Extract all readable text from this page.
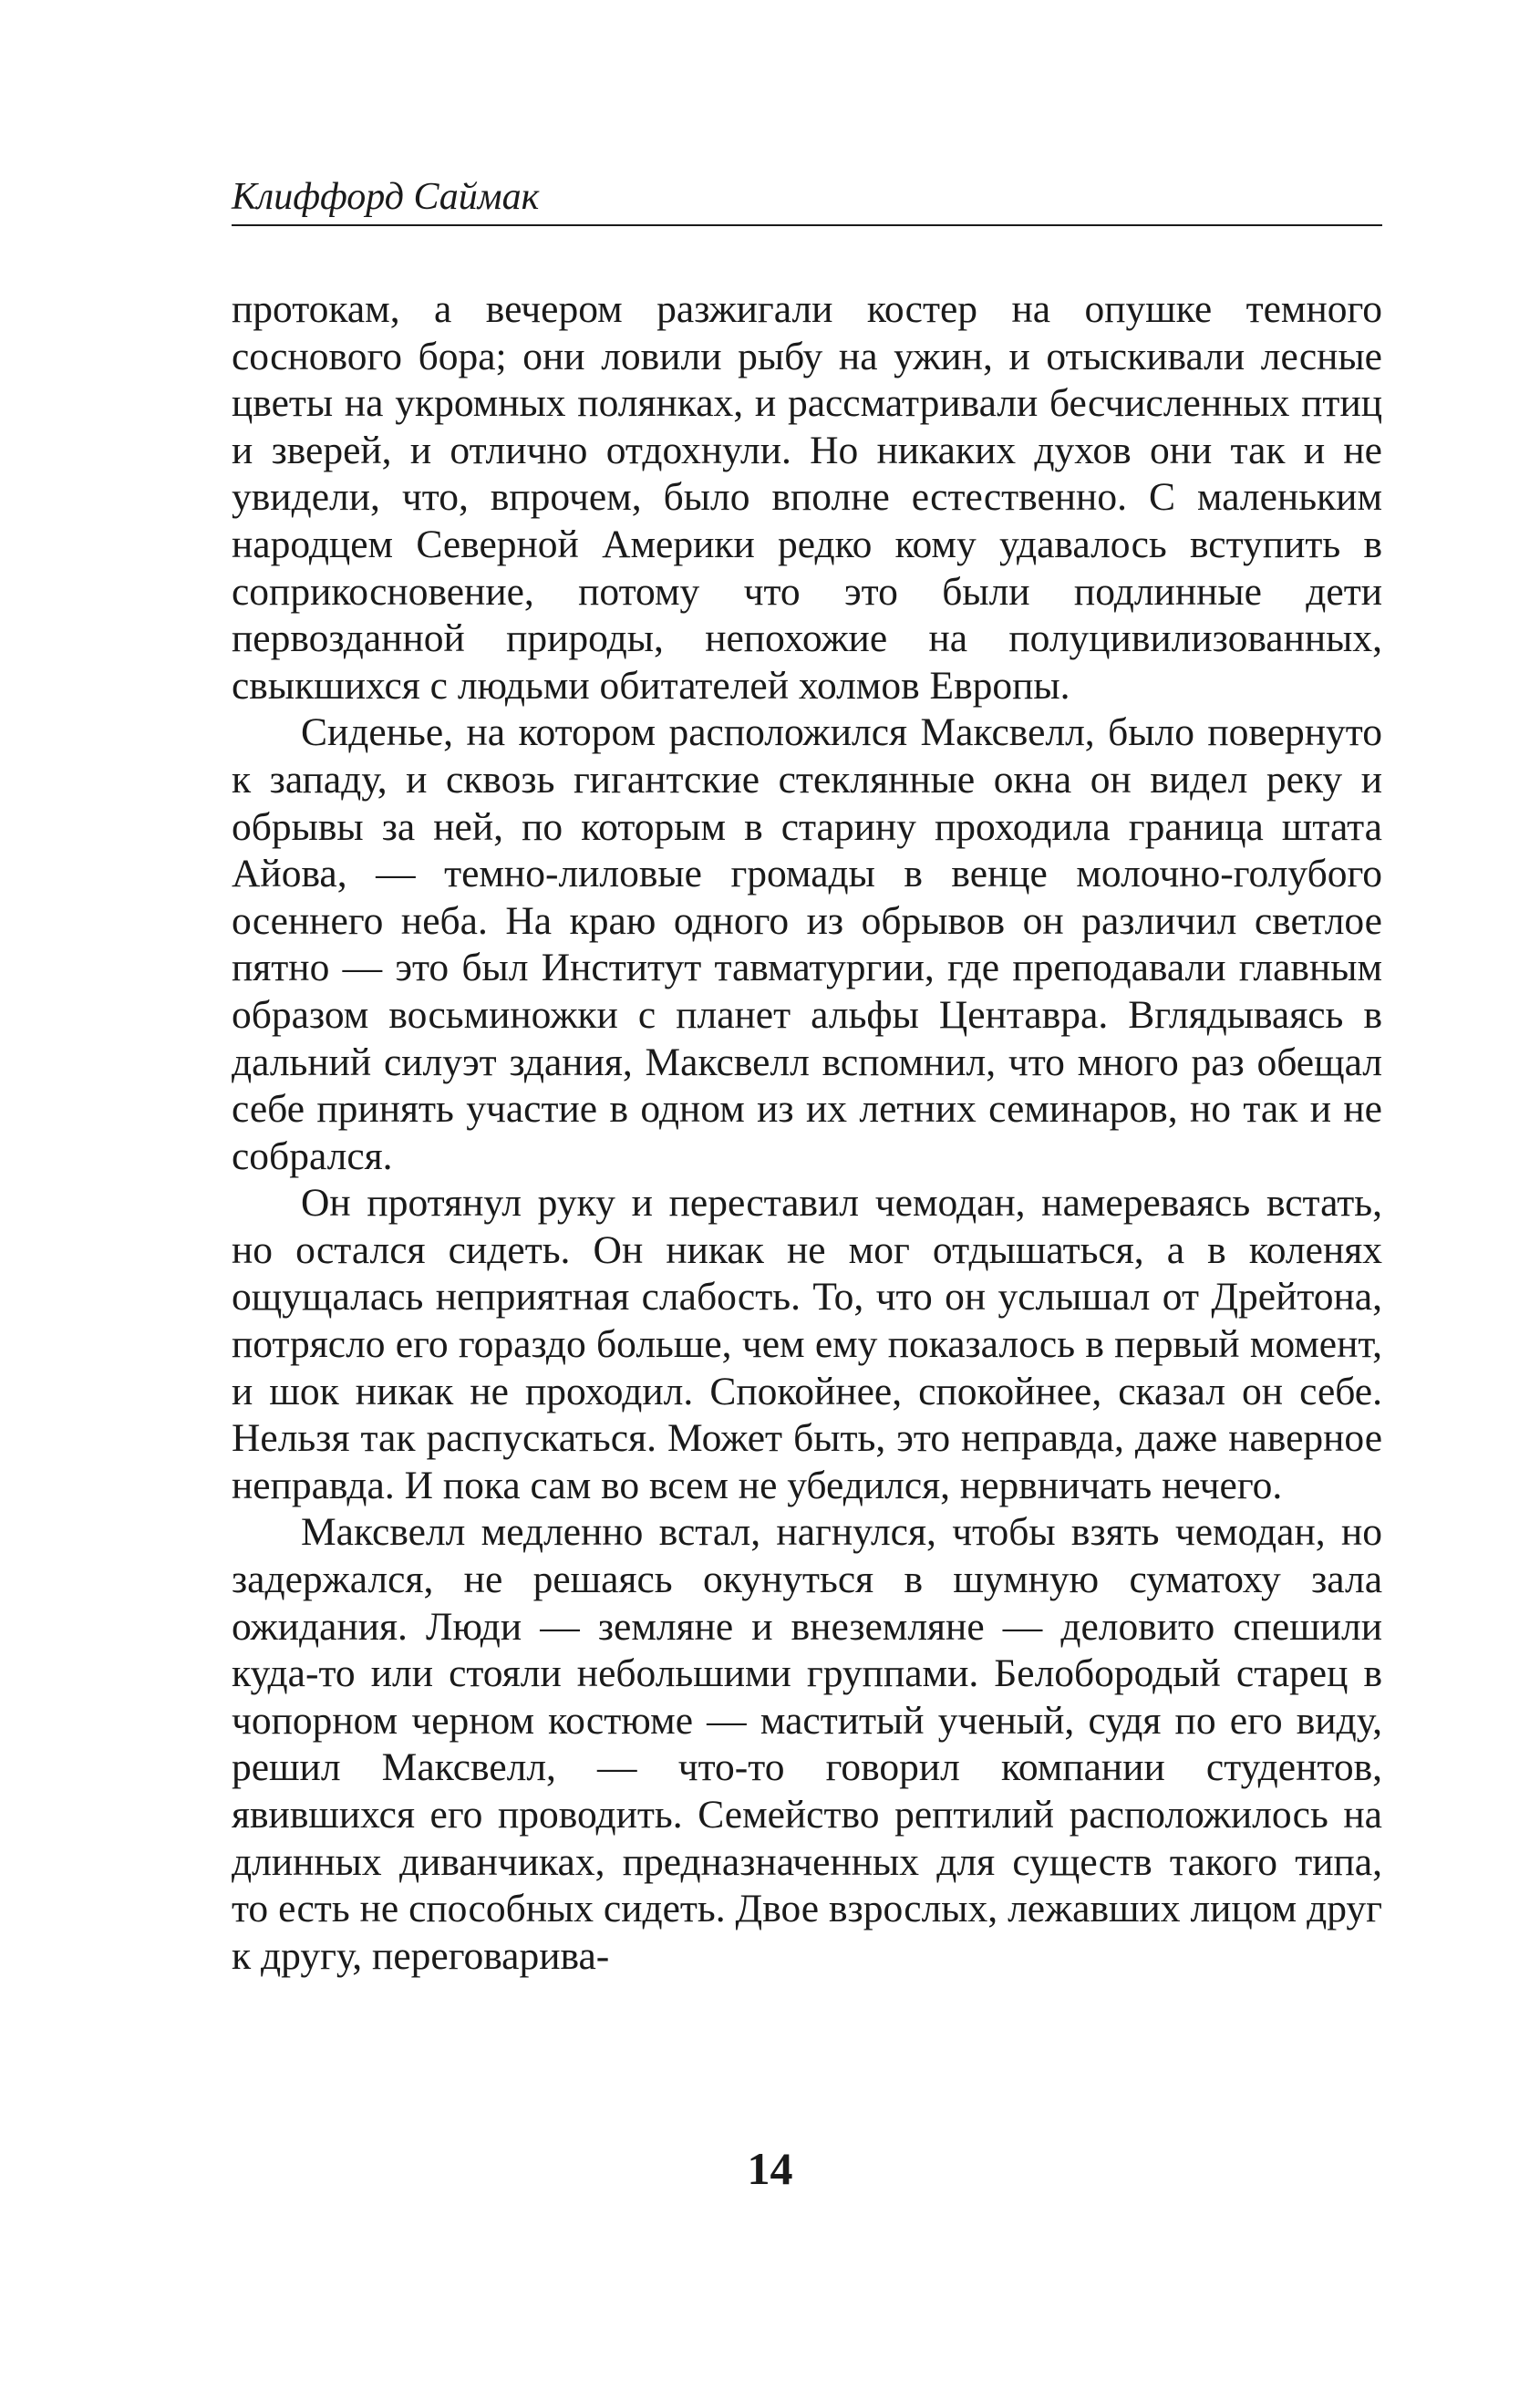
Клиффорд Саймак

протокам, а вечером разжигали костер на опушке темного соснового бора; они ловили рыбу на ужин, и отыскивали лесные цветы на укромных полянках, и рассматривали бесчисленных птиц и зверей, и отлично отдохнули. Но никаких духов они так и не увидели, что, впрочем, было вполне естественно. С маленьким народцем Северной Америки редко кому удавалось вступить в соприкосновение, потому что это были подлинные дети первозданной природы, непохожие на полуцивилизованных, свыкшихся с людьми обитателей холмов Европы.

Сиденье, на котором расположился Максвелл, было повернуто к западу, и сквозь гигантские стеклянные окна он видел реку и обрывы за ней, по которым в старину проходила граница штата Айова, — темно-лиловые громады в венце молочно-голубого осеннего неба. На краю одного из обрывов он различил светлое пятно — это был Институт тавматургии, где преподавали главным образом восьминожки с планет альфы Центавра. Вглядываясь в дальний силуэт здания, Максвелл вспомнил, что много раз обещал себе принять участие в одном из их летних семинаров, но так и не собрался.

Он протянул руку и переставил чемодан, намереваясь встать, но остался сидеть. Он никак не мог отдышаться, а в коленях ощущалась неприятная слабость. То, что он услышал от Дрейтона, потрясло его гораздо больше, чем ему показалось в первый момент, и шок никак не проходил. Спокойнее, спокойнее, сказал он себе. Нельзя так распускаться. Может быть, это неправда, даже наверное неправда. И пока сам во всем не убедился, нервничать нечего.

Максвелл медленно встал, нагнулся, чтобы взять чемодан, но задержался, не решаясь окунуться в шумную суматоху зала ожидания. Люди — земляне и внеземляне — деловито спешили куда-то или стояли небольшими группами. Белобородый старец в чопорном черном костюме — маститый ученый, судя по его виду, решил Максвелл, — что-то говорил компании студентов, явившихся его проводить. Семейство рептилий расположилось на длинных диванчиках, предназначенных для существ такого типа, то есть не способных сидеть. Двое взрослых, лежавших лицом друг к другу, переговарива-

14
